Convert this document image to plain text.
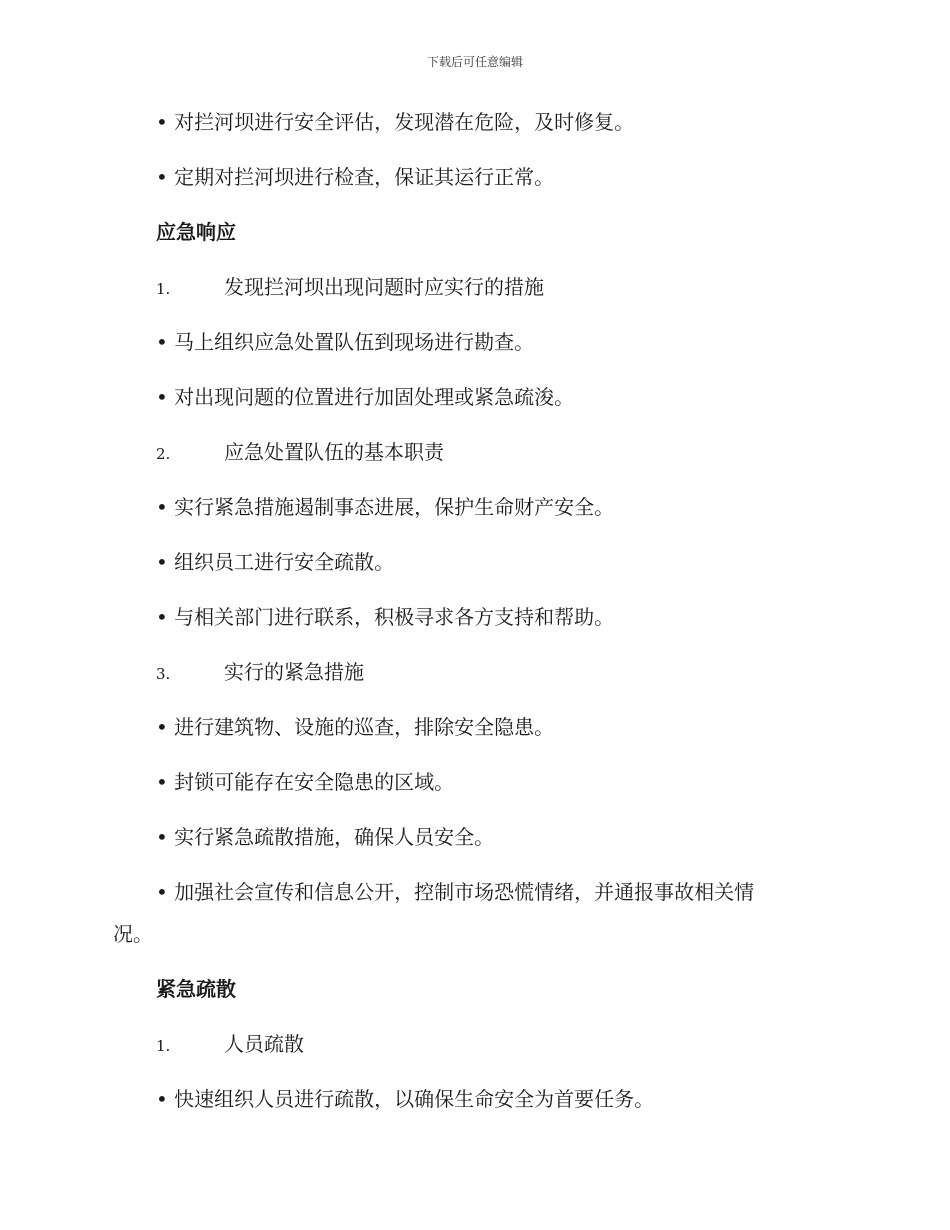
下载后可任意编辑

• 对拦河坝进行安全评估，发现潜在危险，及时修复。

• 定期对拦河坝进行检查，保证其运行正常。

应急响应

1.	发现拦河坝出现问题时应实行的措施

• 马上组织应急处置队伍到现场进行勘查。

• 对出现问题的位置进行加固处理或紧急疏浚。

2.	应急处置队伍的基本职责

• 实行紧急措施遏制事态进展，保护生命财产安全。

• 组织员工进行安全疏散。

• 与相关部门进行联系，积极寻求各方支持和帮助。

3.	实行的紧急措施

• 进行建筑物、设施的巡查，排除安全隐患。

• 封锁可能存在安全隐患的区域。

• 实行紧急疏散措施，确保人员安全。

• 加强社会宣传和信息公开，控制市场恐慌情绪，并通报事故相关情
况。

紧急疏散

1.	人员疏散

• 快速组织人员进行疏散，以确保生命安全为首要任务。
